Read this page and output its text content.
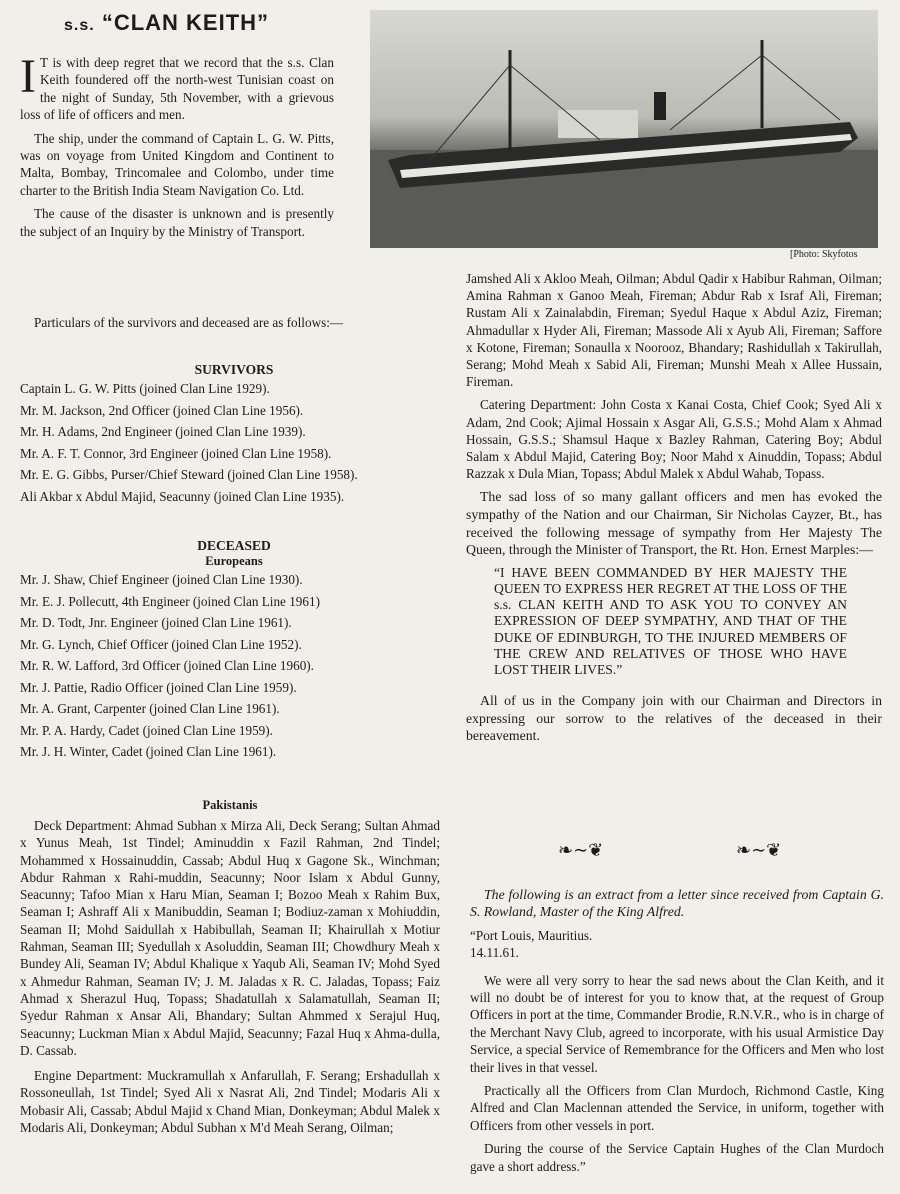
s.s. “CLAN KEITH”
[Photo: Skyfotos

I T is with deep regret that we record that the s.s. Clan Keith foundered off the north-west Tunisian coast on the night of Sunday, 5th November, with a grievous loss of life of officers and men.

The ship, under the command of Captain L. G. W. Pitts, was on voyage from United Kingdom and Continent to Malta, Bombay, Trincomalee and Colombo, under time charter to the British India Steam Navigation Co. Ltd.

The cause of the disaster is unknown and is presently the subject of an Inquiry by the Ministry of Transport.

Particulars of the survivors and deceased are as follows:—

SURVIVORS

Captain L. G. W. Pitts (joined Clan Line 1929).
Mr. M. Jackson, 2nd Officer (joined Clan Line 1956).
Mr. H. Adams, 2nd Engineer (joined Clan Line 1939).
Mr. A. F. T. Connor, 3rd Engineer (joined Clan Line 1958).
Mr. E. G. Gibbs, Purser/Chief Steward (joined Clan Line 1958).
Ali Akbar x Abdul Majid, Seacunny (joined Clan Line 1935).

DECEASED

Europeans

Mr. J. Shaw, Chief Engineer (joined Clan Line 1930).
Mr. E. J. Pollecutt, 4th Engineer (joined Clan Line 1961)
Mr. D. Todt, Jnr. Engineer (joined Clan Line 1961).
Mr. G. Lynch, Chief Officer (joined Clan Line 1952).
Mr. R. W. Lafford, 3rd Officer (joined Clan Line 1960).
Mr. J. Pattie, Radio Officer (joined Clan Line 1959).
Mr. A. Grant, Carpenter (joined Clan Line 1961).
Mr. P. A. Hardy, Cadet (joined Clan Line 1959).
Mr. J. H. Winter, Cadet (joined Clan Line 1961).

Pakistanis

Deck Department: Ahmad Subhan x Mirza Ali, Deck Serang; Sultan Ahmad x Yunus Meah, 1st Tindel; Aminuddin x Fazil Rahman, 2nd Tindel; Mohammed x Hossainuddin, Cassab; Abdul Huq x Gagone Sk., Winchman; Abdur Rahman x Rahi-muddin, Seacunny; Noor Islam x Abdul Gunny, Seacunny; Tafoo Mian x Haru Mian, Seaman I; Bozoo Meah x Rahim Bux, Seaman I; Ashraff Ali x Manibuddin, Seaman I; Bodiuz-zaman x Mohiuddin, Seaman II; Mohd Saidullah x Habibullah, Seaman II; Khairullah x Motiur Rahman, Seaman III; Syedullah x Asoluddin, Seaman III; Chowdhury Meah x Bundey Ali, Seaman IV; Abdul Khalique x Yaqub Ali, Seaman IV; Mohd Syed x Ahmedur Rahman, Seaman IV; J. M. Jaladas x R. C. Jaladas, Topass; Faiz Ahmad x Sherazul Huq, Topass; Shadatullah x Salamatullah, Seaman II; Syedur Rahman x Ansar Ali, Bhandary; Sultan Ahmmed x Serajul Huq, Seacunny; Luckman Mian x Abdul Majid, Seacunny; Fazal Huq x Ahma-dulla, D. Cassab.

Engine Department: Muckramullah x Anfarullah, F. Serang; Ershadullah x Rossoneullah, 1st Tindel; Syed Ali x Nasrat Ali, 2nd Tindel; Modaris Ali x Mobasir Ali, Cassab; Abdul Majid x Chand Mian, Donkeyman; Abdul Malek x Modaris Ali, Donkeyman; Abdul Subhan x M'd Meah Serang, Oilman;

Jamshed Ali x Akloo Meah, Oilman; Abdul Qadir x Habibur Rahman, Oilman; Amina Rahman x Ganoo Meah, Fireman; Abdur Rab x Israf Ali, Fireman; Rustam Ali x Zainalabdin, Fireman; Syedul Haque x Abdul Aziz, Fireman; Ahmadullar x Hyder Ali, Fireman; Massode Ali x Ayub Ali, Fireman; Saffore x Kotone, Fireman; Sonaulla x Noorooz, Bhandary; Rashidullah x Takirullah, Serang; Mohd Meah x Sabid Ali, Fireman; Munshi Meah x Allee Hussain, Fireman.

Catering Department: John Costa x Kanai Costa, Chief Cook; Syed Ali x Adam, 2nd Cook; Ajimal Hossain x Asgar Ali, G.S.S.; Mohd Alam x Ahmad Hossain, G.S.S.; Shamsul Haque x Bazley Rahman, Catering Boy; Abdul Salam x Abdul Majid, Catering Boy; Noor Mahd x Ainuddin, Topass; Abdul Razzak x Dula Mian, Topass; Abdul Malek x Abdul Wahab, Topass.

The sad loss of so many gallant officers and men has evoked the sympathy of the Nation and our Chairman, Sir Nicholas Cayzer, Bt., has received the following message of sympathy from Her Majesty The Queen, through the Minister of Transport, the Rt. Hon. Ernest Marples:—

“I HAVE BEEN COMMANDED BY HER MAJESTY THE QUEEN TO EXPRESS HER REGRET AT THE LOSS OF THE s.s. CLAN KEITH AND TO ASK YOU TO CONVEY AN EXPRESSION OF DEEP SYMPATHY, AND THAT OF THE DUKE OF EDINBURGH, TO THE INJURED MEMBERS OF THE CREW AND RELATIVES OF THOSE WHO HAVE LOST THEIR LIVES.”

All of us in the Company join with our Chairman and Directors in expressing our sorrow to the relatives of the deceased in their bereavement.

❧∼❦	❧∼❦

The following is an extract from a letter since received from Captain G. S. Rowland, Master of the King Alfred.

“Port Louis, Mauritius.

14.11.61.

We were all very sorry to hear the sad news about the Clan Keith, and it will no doubt be of interest for you to know that, at the request of Group Officers in port at the time, Commander Brodie, R.N.V.R., who is in charge of the Merchant Navy Club, agreed to incorporate, with his usual Armistice Day Service, a special Service of Remembrance for the Officers and Men who lost their lives in that vessel.

Practically all the Officers from Clan Murdoch, Richmond Castle, King Alfred and Clan Maclennan attended the Service, in uniform, together with Officers from other vessels in port.

During the course of the Service Captain Hughes of the Clan Murdoch gave a short address.”
